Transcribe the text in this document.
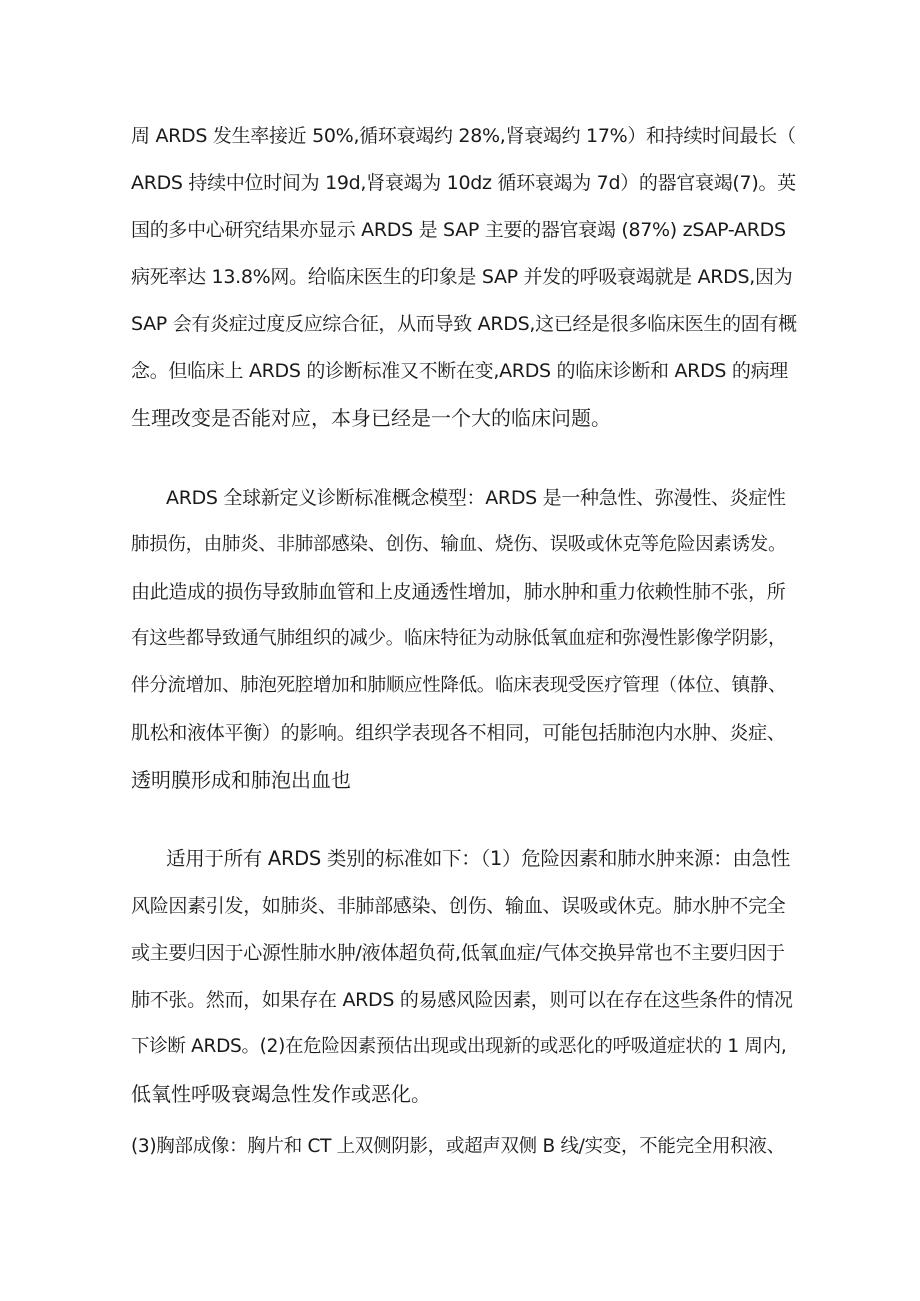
周 ARDS 发生率接近 50%,循环衰竭约 28%,肾衰竭约 17%）和持续时间最长（
ARDS 持续中位时间为 19d,肾衰竭为 10dz 循环衰竭为 7d）的器官衰竭(7)。英
国的多中心研究结果亦显示 ARDS 是 SAP 主要的器官衰竭 (87%) zSAP-ARDS
病死率达 13.8%网。给临床医生的印象是 SAP 并发的呼吸衰竭就是 ARDS,因为
SAP 会有炎症过度反应综合征，从而导致 ARDS,这已经是很多临床医生的固有概
念。但临床上 ARDS 的诊断标准又不断在变,ARDS 的临床诊断和 ARDS 的病理
生理改变是否能对应，本身已经是一个大的临床问题。
ARDS 全球新定义诊断标准概念模型：ARDS 是一种急性、弥漫性、炎症性
肺损伤，由肺炎、非肺部感染、创伤、输血、烧伤、误吸或休克等危险因素诱发。
由此造成的损伤导致肺血管和上皮通透性增加，肺水肿和重力依赖性肺不张，所
有这些都导致通气肺组织的减少。临床特征为动脉低氧血症和弥漫性影像学阴影，
伴分流增加、肺泡死腔增加和肺顺应性降低。临床表现受医疗管理（体位、镇静、
肌松和液体平衡）的影响。组织学表现各不相同，可能包括肺泡内水肿、炎症、
透明膜形成和肺泡出血也
适用于所有 ARDS 类别的标准如下：（1）危险因素和肺水肿来源：由急性
风险因素引发，如肺炎、非肺部感染、创伤、输血、误吸或休克。肺水肿不完全
或主要归因于心源性肺水肿/液体超负荷,低氧血症/气体交换异常也不主要归因于
肺不张。然而，如果存在 ARDS 的易感风险因素，则可以在存在这些条件的情况
下诊断 ARDS。(2)在危险因素预估出现或出现新的或恶化的呼吸道症状的 1 周内,
低氧性呼吸衰竭急性发作或恶化。
(3)胸部成像：胸片和 CT 上双侧阴影，或超声双侧 B 线/实变，不能完全用积液、
